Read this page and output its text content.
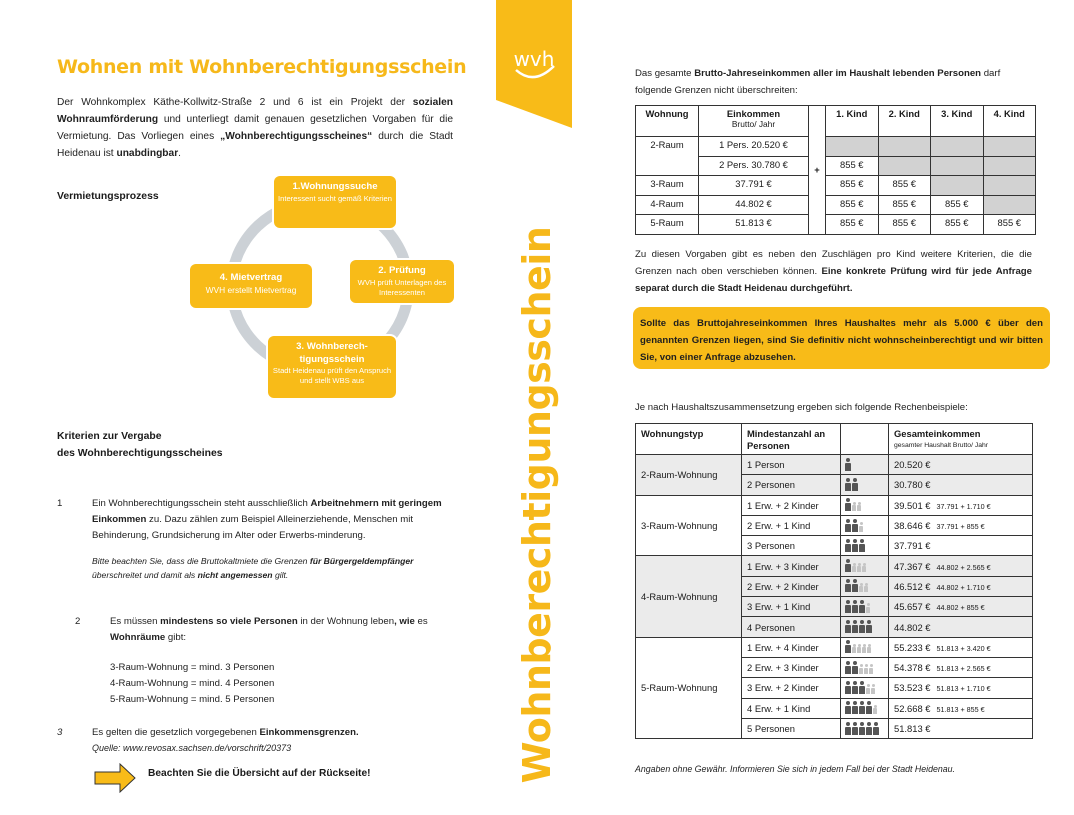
Wohnen mit Wohnberechtigungsschein

Der Wohnkomplex Käthe-Kollwitz-Straße 2 und 6 ist ein Projekt der sozialen Wohnraumförderung und unterliegt damit genauen gesetzlichen Vorgaben für die Vermietung. Das Vorliegen eines „Wohnberechtigungsscheines“ durch die Stadt Heidenau ist unabdingbar.

Vermietungsprozess
1.Wohnungssuche
Interessent sucht gemäß Kriterien
2. Prüfung
WVH prüft Unterlagen des Interessenten
3. Wohnberech-tigungsschein
Stadt Heidenau prüft den Anspruch und stellt WBS aus
4. Mietvertrag
WVH erstellt Mietvertrag
Kriterien zur Vergabe
des Wohnberechtigungsscheines
1	Ein Wohnberechtigungsschein steht ausschließlich Arbeitnehmern mit geringem Einkommen zu. Dazu zählen zum Beispiel Alleinerziehende, Menschen mit Behinderung, Grundsicherung im Alter oder Erwerbs-minderung.
Bitte beachten Sie, dass die Bruttokaltmiete die Grenzen für Bürgergeldempfänger überschreitet und damit als nicht angemessen gilt.
2	Es müssen mindestens so viele Personen in der Wohnung leben, wie es Wohnräume gibt:
3-Raum-Wohnung = mind. 3 Personen
4-Raum-Wohnung = mind. 4 Personen
5-Raum-Wohnung = mind. 5 Personen
3	Es gelten die gesetzlich vorgegebenen Einkommensgrenzen.
Quelle: www.revosax.sachsen.de/vorschrift/20373
Beachten Sie die Übersicht auf der Rückseite!
wvh
Wohnberechtigungsschein

Das gesamte Brutto-Jahreseinkommen aller im Haushalt lebenden Personen darf folgende Grenzen nicht überschreiten:

Wohnung	Einkommen
Brutto/ Jahr	+	1. Kind	2. Kind	3. Kind	4. Kind
2-Raum	1 Pers. 20.520 €					
	2 Pers. 30.780 €		855 €			
3-Raum	37.791 €		855 €	855 €		
4-Raum	44.802 €		855 €	855 €	855 €	
5-Raum	51.813 €		855 €	855 €	855 €	855 €

Zu diesen Vorgaben gibt es neben den Zuschlägen pro Kind weitere Kriterien, die die Grenzen nach oben verschieben können. Eine konkrete Prüfung wird für jede Anfrage separat durch die Stadt Heidenau durchgeführt.

Sollte das Bruttojahreseinkommen Ihres Haushaltes mehr als 5.000 € über den genannten Grenzen liegen, sind Sie definitiv nicht wohnscheinberechtigt und wir bitten Sie, von einer Anfrage abzusehen.

Je nach Haushaltszusammensetzung ergeben sich folgende Rechenbeispiele:

Wohnungstyp	Mindestanzahl an Personen		Gesamteinkommen
gesamter Haushalt Brutto/ Jahr

2-Raum-Wohnung	1 Person		20.520 €
	2 Personen		30.780 €
3-Raum-Wohnung	1 Erw. + 2 Kinder		39.501 € 37.791 + 1.710 €
	2 Erw. + 1 Kind		38.646 € 37.791 + 855 €
	3 Personen		37.791 €
4-Raum-Wohnung	1 Erw. + 3 Kinder		47.367 € 44.802 + 2.565 €
	2 Erw. + 2 Kinder		46.512 € 44.802 + 1.710 €
	3 Erw. + 1 Kind		45.657 € 44.802 + 855 €
	4 Personen		44.802 €
5-Raum-Wohnung	1 Erw. + 4 Kinder		55.233 € 51.813 + 3.420 €
	2 Erw. + 3 Kinder		54.378 € 51.813 + 2.565 €
	3 Erw. + 2 Kinder		53.523 € 51.813 + 1.710 €
	4 Erw. + 1 Kind		52.668 € 51.813 + 855 €
	5 Personen		51.813 €
Angaben ohne Gewähr. Informieren Sie sich in jedem Fall bei der Stadt Heidenau.
